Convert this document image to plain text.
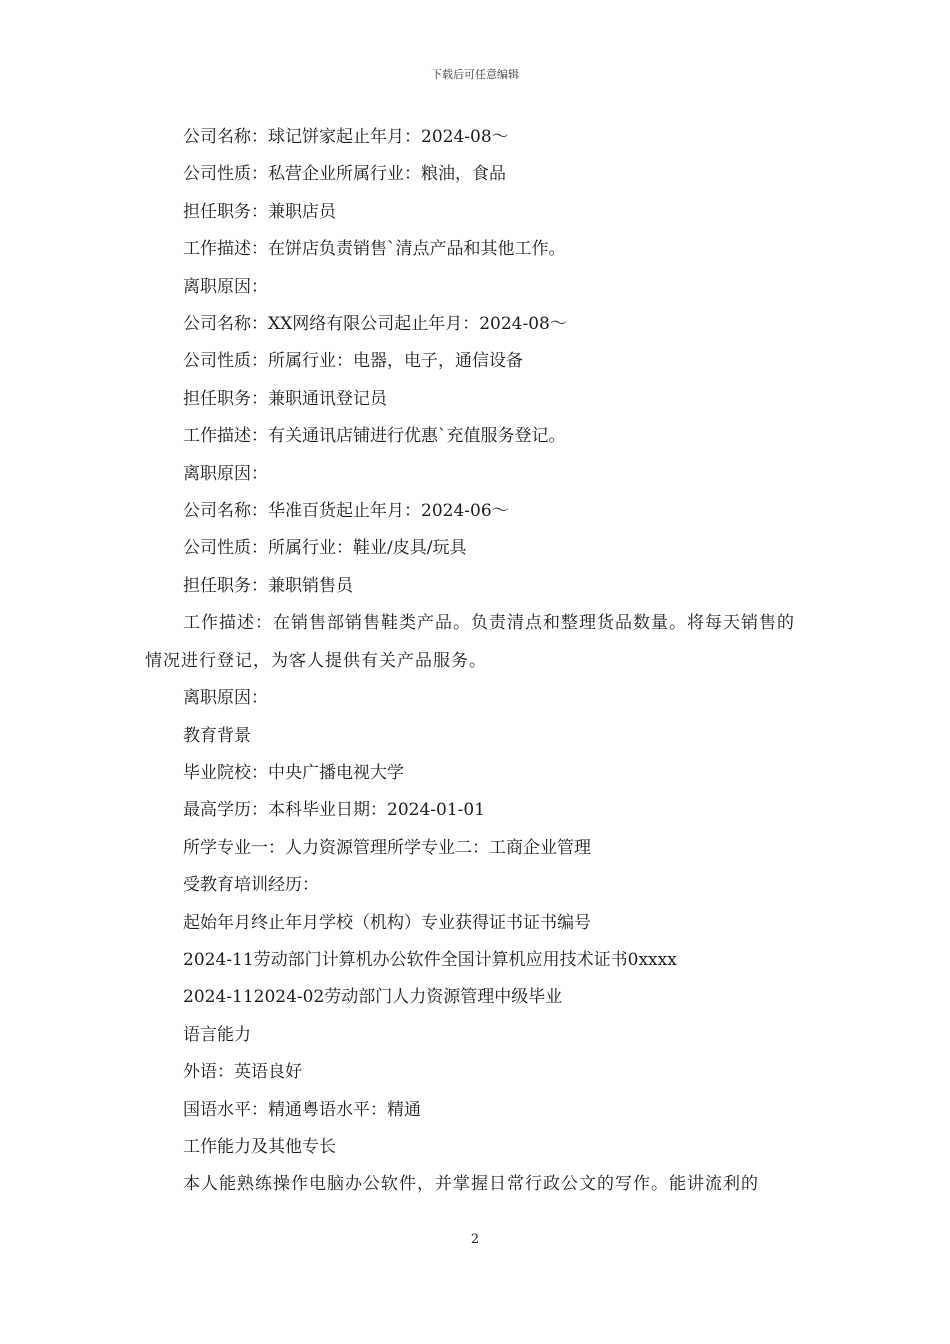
下载后可任意编辑
公司名称：球记饼家起止年月：2024-08～
公司性质：私营企业所属行业：粮油，食品
担任职务：兼职店员
工作描述：在饼店负责销售`清点产品和其他工作。
离职原因：
公司名称：XX网络有限公司起止年月：2024-08～
公司性质：所属行业：电器，电子，通信设备
担任职务：兼职通讯登记员
工作描述：有关通讯店铺进行优惠`充值服务登记。
离职原因：
公司名称：华准百货起止年月：2024-06～
公司性质：所属行业：鞋业/皮具/玩具
担任职务：兼职销售员
工作描述：在销售部销售鞋类产品。负责清点和整理货品数量。将每天销售的情况进行登记，为客人提供有关产品服务。
离职原因：
教育背景
毕业院校：中央广播电视大学
最高学历：本科毕业日期：2024-01-01
所学专业一：人力资源管理所学专业二：工商企业管理
受教育培训经历：
起始年月终止年月学校（机构）专业获得证书证书编号
2024-11劳动部门计算机办公软件全国计算机应用技术证书0xxxx
2024-112024-02劳动部门人力资源管理中级毕业
语言能力
外语：英语良好
国语水平：精通粤语水平：精通
工作能力及其他专长
本人能熟练操作电脑办公软件，并掌握日常行政公文的写作。能讲流利的
2
